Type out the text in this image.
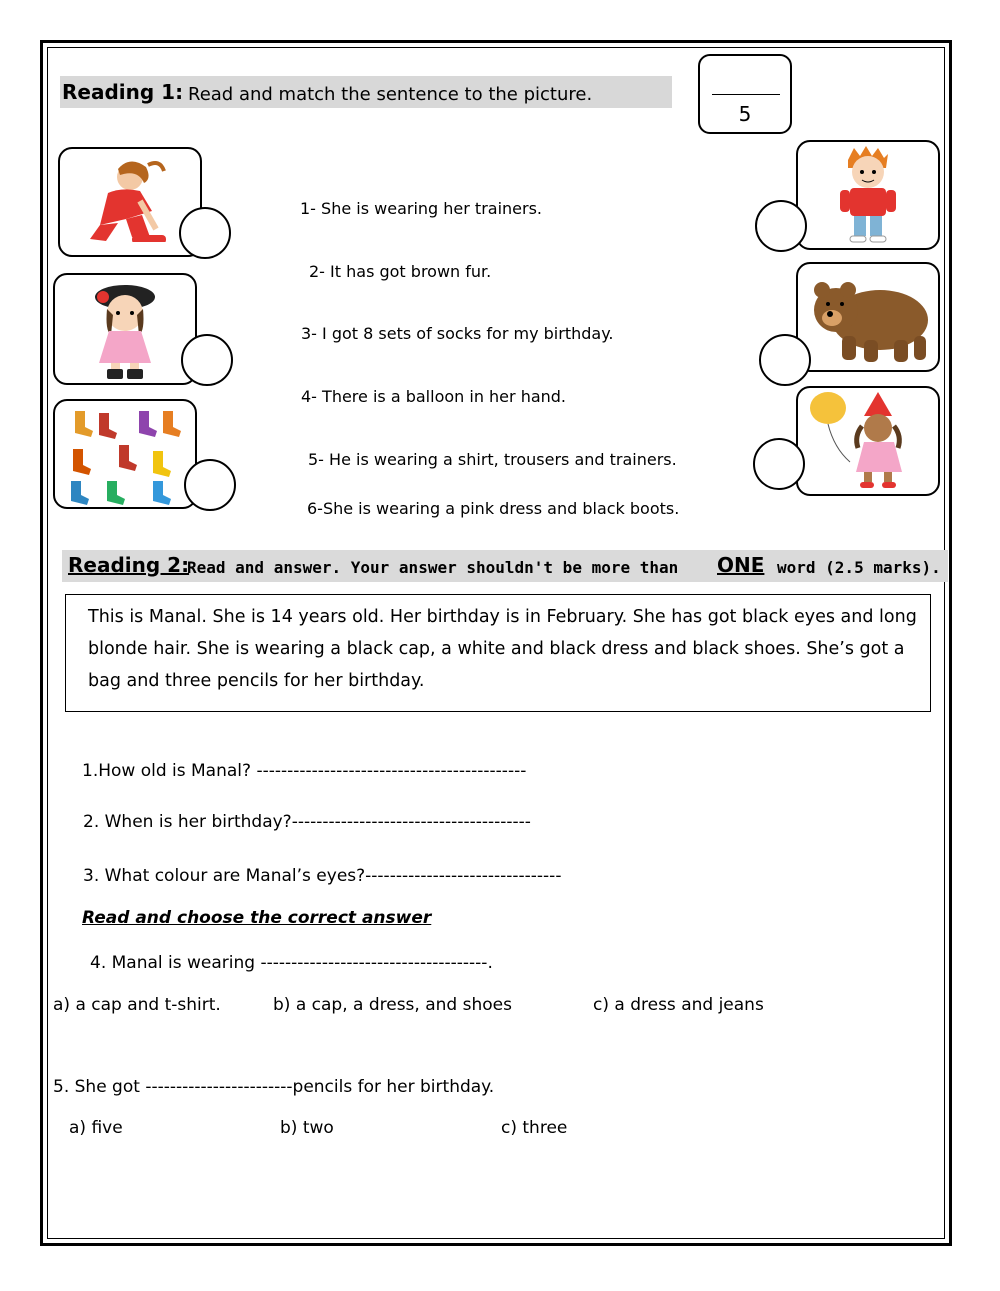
Reading 1: Read and match the sentence to the picture.
5
1- She is wearing her trainers.
2- It has got brown fur.
3- I got 8 sets of socks for my birthday.
4- There is a balloon in her hand.
5- He is wearing a shirt, trousers and trainers.
6-She is wearing a pink dress and black boots.
Reading 2:
Read and answer. Your answer shouldn't be more than ONE word (2.5 marks).
This is Manal. She is 14 years old. Her birthday is in February. She has got black eyes and long blonde hair. She is wearing a black cap, a white and black dress and black shoes. She’s got a bag and three pencils for her birthday.
1.How old is Manal? --------------------------------------------
2. When is her birthday?---------------------------------------
3. What colour are Manal’s eyes?--------------------------------
Read and choose the correct answer
4. Manal is wearing -------------------------------------.
a) a cap and t-shirt.	b) a cap, a dress, and shoes	c) a dress and jeans
5. She got ------------------------pencils for her birthday.
a) five	b) two	c) three
